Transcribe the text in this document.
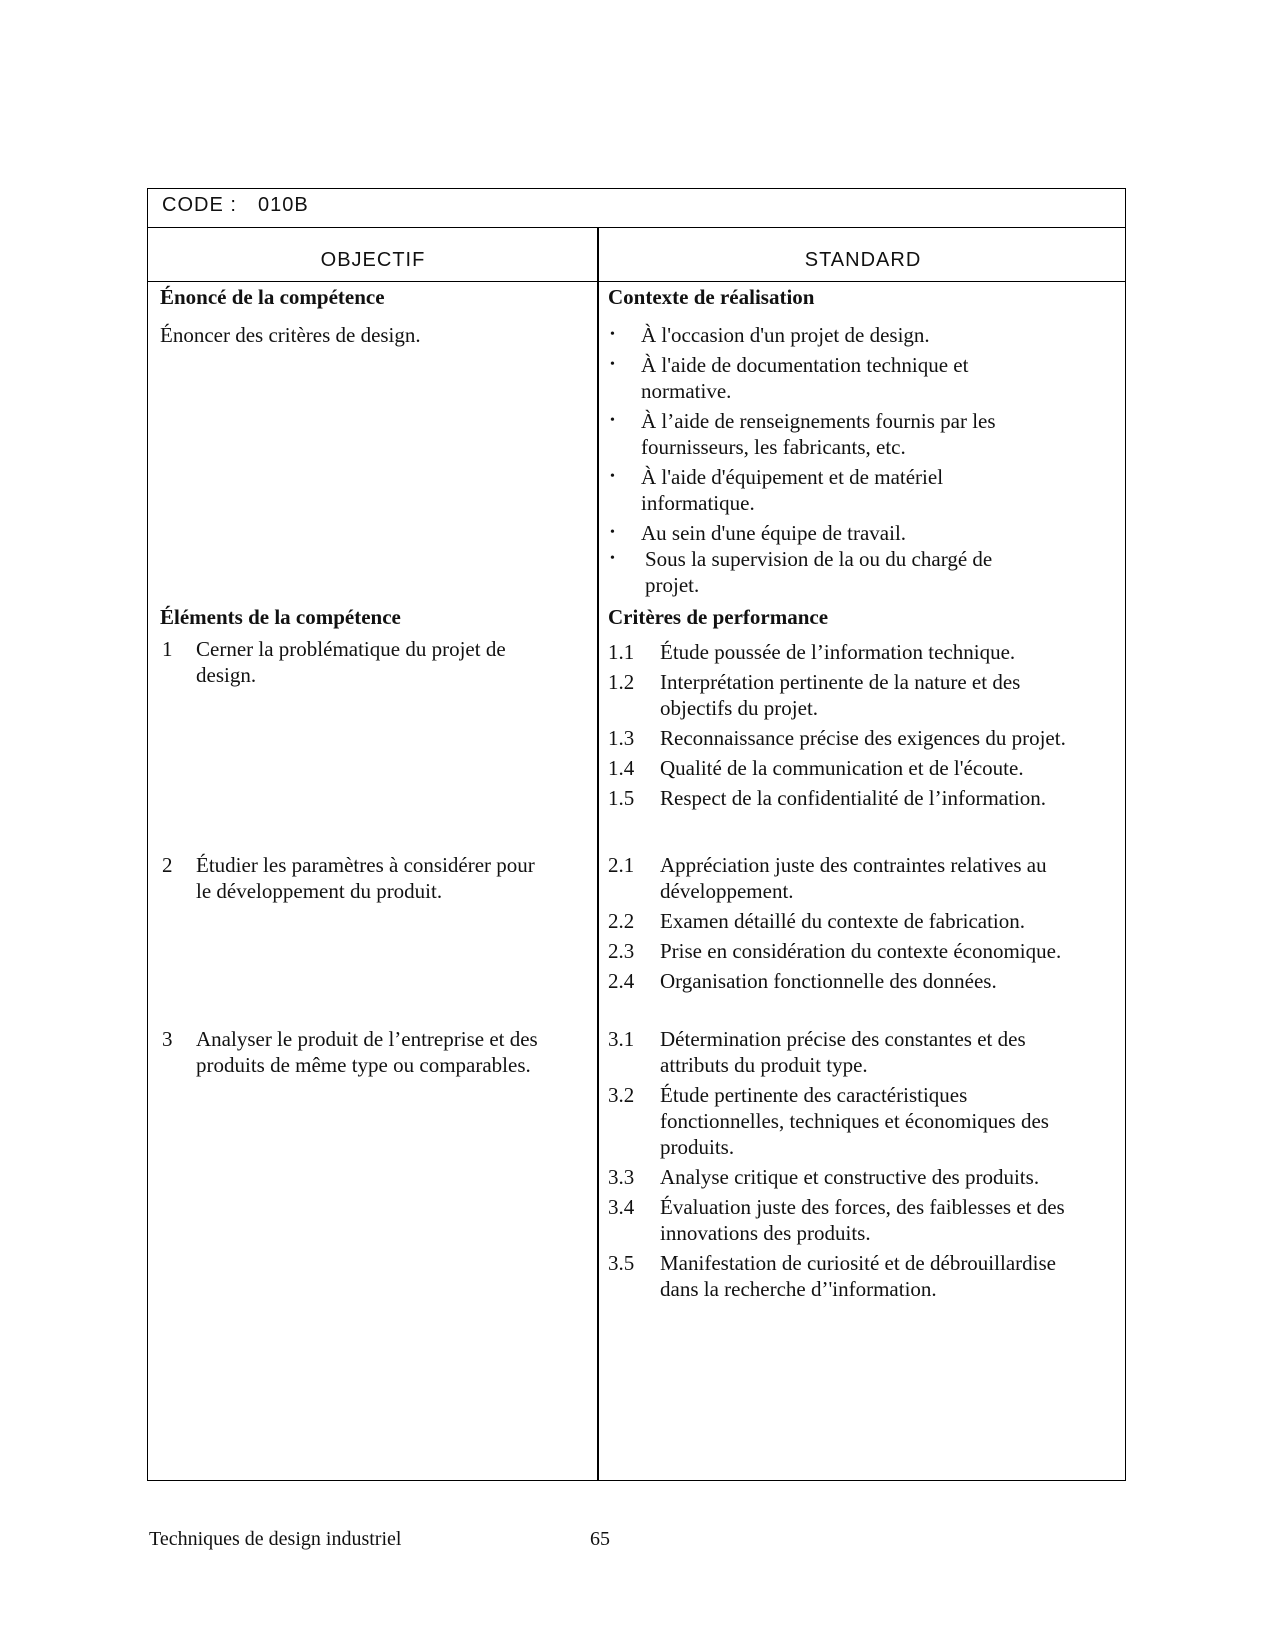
CODE : 010B
OBJECTIF	STANDARD
Énoncé de la compétence
Énoncer des critères de design.
Éléments de la compétence
1 Cerner la problématique du projet de
design.
2 Étudier les paramètres à considérer pour
le développement du produit.
3 Analyser le produit de l’entreprise et des
produits de même type ou comparables.
Contexte de réalisation
• À l'occasion d'un projet de design.
• À l'aide de documentation technique et
normative.
• À l’aide de renseignements fournis par les
fournisseurs, les fabricants, etc.
• À l'aide d'équipement et de matériel
informatique.
• Au sein d'une équipe de travail.
• Sous la supervision de la ou du chargé de
projet.
Critères de performance
1.1 Étude poussée de l’information technique.
1.2 Interprétation pertinente de la nature et des
objectifs du projet.
1.3 Reconnaissance précise des exigences du projet.
1.4 Qualité de la communication et de l'écoute.
1.5 Respect de la confidentialité de l’information.
2.1 Appréciation juste des contraintes relatives au
développement.
2.2 Examen détaillé du contexte de fabrication.
2.3 Prise en considération du contexte économique.
2.4 Organisation fonctionnelle des données.
3.1 Détermination précise des constantes et des
attributs du produit type.
3.2 Étude pertinente des caractéristiques
fonctionnelles, techniques et économiques des
produits.
3.3 Analyse critique et constructive des produits.
3.4 Évaluation juste des forces, des faiblesses et des
innovations des produits.
3.5 Manifestation de curiosité et de débrouillardise
dans la recherche d’'information.
Techniques de design industriel	65
